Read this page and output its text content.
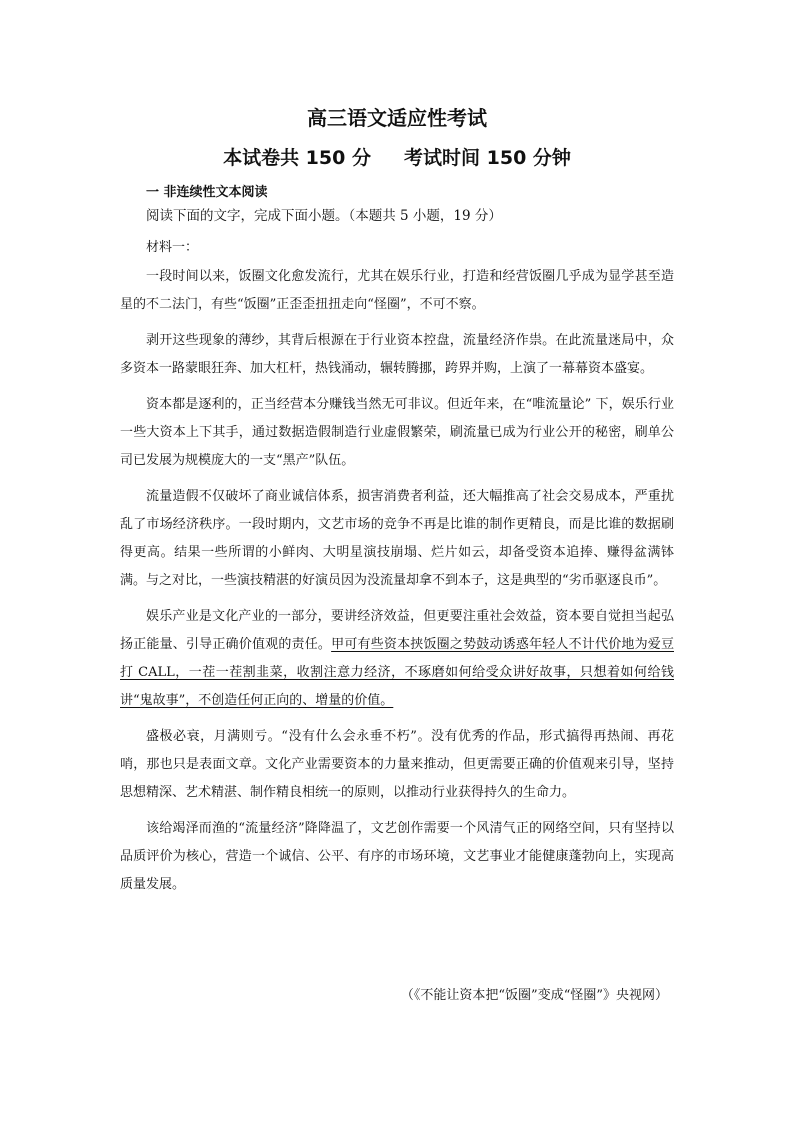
高三语文适应性考试
本试卷共 150 分     考试时间 150 分钟
一 非连续性文本阅读
阅读下面的文字，完成下面小题。（本题共 5 小题，19 分）
材料一：

一段时间以来，饭圈文化愈发流行，尤其在娱乐行业，打造和经营饭圈几乎成为显学甚至造星的不二法门，有些“饭圈”正歪歪扭扭走向“怪圈”，不可不察。

剥开这些现象的薄纱，其背后根源在于行业资本控盘，流量经济作祟。在此流量迷局中，众多资本一路蒙眼狂奔、加大杠杆，热钱涌动，辗转腾挪，跨界并购，上演了一幕幕资本盛宴。

资本都是逐利的，正当经营本分赚钱当然无可非议。但近年来，在“唯流量论” 下，娱乐行业一些大资本上下其手，通过数据造假制造行业虚假繁荣，刷流量已成为行业公开的秘密，刷单公司已发展为规模庞大的一支“黑产”队伍。

流量造假不仅破坏了商业诚信体系，损害消费者利益，还大幅推高了社会交易成本，严重扰乱了市场经济秩序。一段时期内，文艺市场的竞争不再是比谁的制作更精良，而是比谁的数据刷得更高。结果一些所谓的小鲜肉、大明星演技崩塌、烂片如云，却备受资本追捧、赚得盆满钵满。与之对比，一些演技精湛的好演员因为没流量却拿不到本子，这是典型的“劣币驱逐良币”。

娱乐产业是文化产业的一部分，要讲经济效益，但更要注重社会效益，资本要自觉担当起弘扬正能量、引导正确价值观的责任。甲可有些资本挟饭圈之势鼓动诱惑年轻人不计代价地为爱豆打 CALL，一茬一茬割韭菜，收割注意力经济，不琢磨如何给受众讲好故事，只想着如何给钱讲“鬼故事”，不创造任何正向的、增量的价值。

盛极必衰，月满则亏。“没有什么会永垂不朽”。没有优秀的作品，形式搞得再热闹、再花哨，那也只是表面文章。文化产业需要资本的力量来推动，但更需要正确的价值观来引导，坚持思想精深、艺术精湛、制作精良相统一的原则，以推动行业获得持久的生命力。

该给竭泽而渔的“流量经济”降降温了，文艺创作需要一个风清气正的网络空间，只有坚持以品质评价为核心，营造一个诚信、公平、有序的市场环境，文艺事业才能健康蓬勃向上，实现高质量发展。

（《不能让资本把“饭圈”变成“怪圈”》央视网）
